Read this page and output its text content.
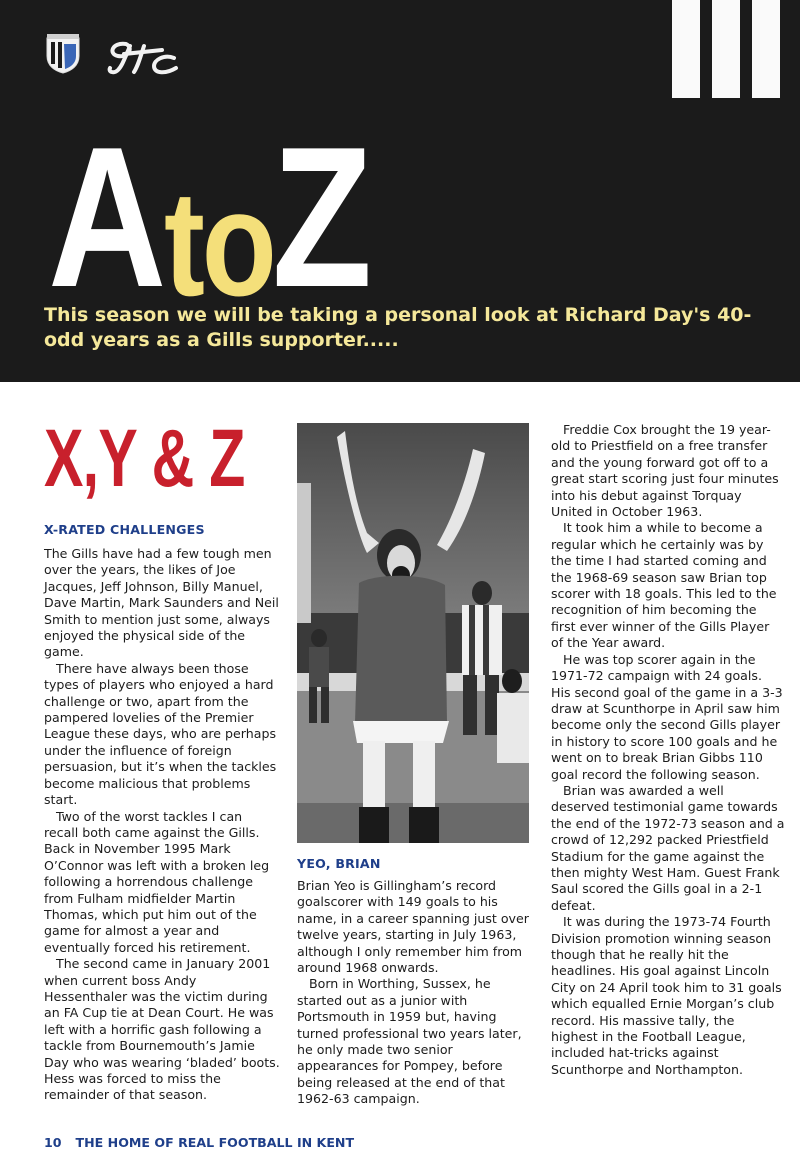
AtoZ
This season we will be taking a personal look at Richard Day's 40-odd years as a Gills supporter.....
X,Y & Z
X-RATED CHALLENGES

The Gills have had a few tough men over the years, the likes of Joe Jacques, Jeff Johnson, Billy Manuel, Dave Martin, Mark Saunders and Neil Smith to mention just some, always enjoyed the physical side of the game.

There have always been those types of players who enjoyed a hard challenge or two, apart from the pampered lovelies of the Premier League these days, who are perhaps under the influence of foreign persuasion, but it’s when the tackles become malicious that problems start.

Two of the worst tackles I can recall both came against the Gills. Back in November 1995 Mark O’Connor was left with a broken leg following a horrendous challenge from Fulham midfielder Martin Thomas, which put him out of the game for almost a year and eventually forced his retirement.

The second came in January 2001 when current boss Andy Hessenthaler was the victim during an FA Cup tie at Dean Court. He was left with a horrific gash following a tackle from Bournemouth’s Jamie Day who was wearing ‘bladed’ boots. Hess was forced to miss the remainder of that season.

YEO, BRIAN

Brian Yeo is Gillingham’s record goalscorer with 149 goals to his name, in a career spanning just over twelve years, starting in July 1963, although I only remember him from around 1968 onwards.

Born in Worthing, Sussex, he started out as a junior with Portsmouth in 1959 but, having turned professional two years later, he only made two senior appearances for Pompey, before being released at the end of that 1962-63 campaign.

Freddie Cox brought the 19 year-old to Priestfield on a free transfer and the young forward got off to a great start scoring just four minutes into his debut against Torquay United in October 1963.

It took him a while to become a regular which he certainly was by the time I had started coming and the 1968-69 season saw Brian top scorer with 18 goals. This led to the recognition of him becoming the first ever winner of the Gills Player of the Year award.

He was top scorer again in the 1971-72 campaign with 24 goals. His second goal of the game in a 3-3 draw at Scunthorpe in April saw him become only the second Gills player in history to score 100 goals and he went on to break Brian Gibbs 110 goal record the following season.

Brian was awarded a well deserved testimonial game towards the end of the 1972-73 season and a crowd of 12,292 packed Priestfield Stadium for the game against the then mighty West Ham. Guest Frank Saul scored the Gills goal in a 2-1 defeat.

It was during the 1973-74 Fourth Division promotion winning season though that he really hit the headlines. His goal against Lincoln City on 24 April took him to 31 goals which equalled Ernie Morgan’s club record. His massive tally, the highest in the Football League, included hat-tricks against Scunthorpe and Northampton.

10 THE HOME OF REAL FOOTBALL IN KENT
